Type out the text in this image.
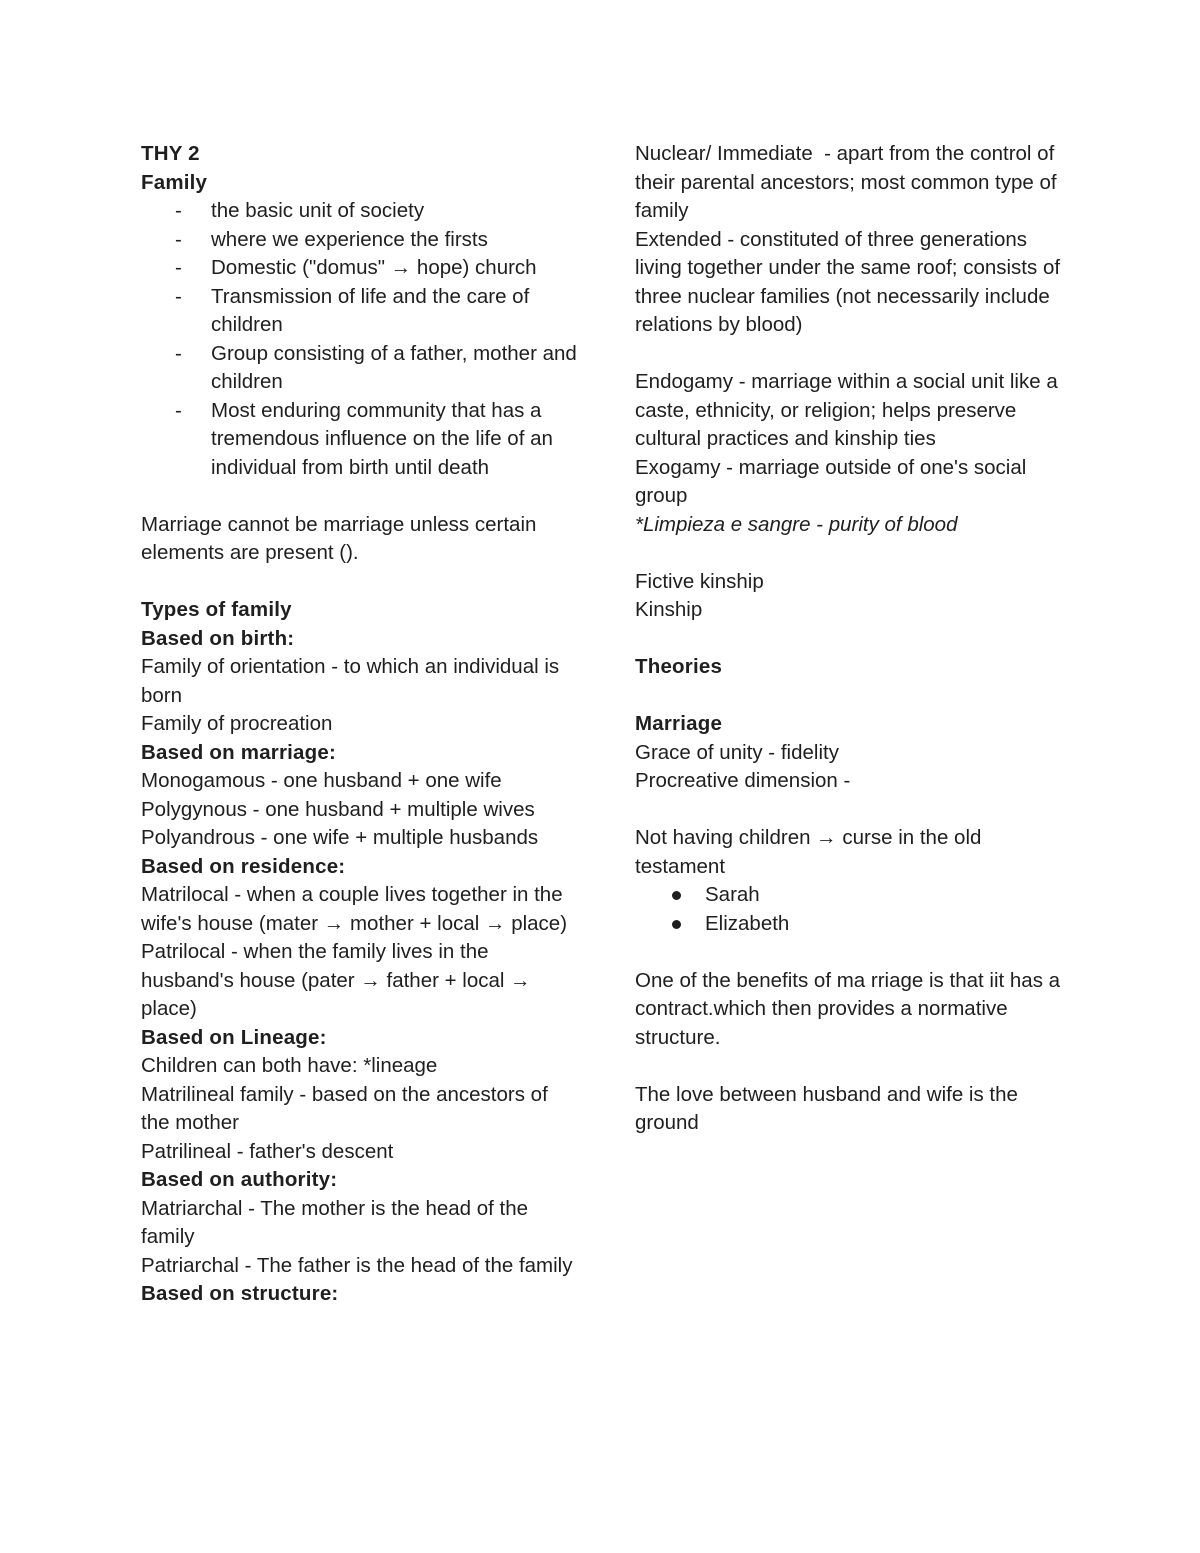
THY 2
Family
- the basic unit of society
- where we experience the firsts
- Domestic ("domus" → hope) church
- Transmission of life and the care of children
- Group consisting of a father, mother and children
- Most enduring community that has a tremendous influence on the life of an individual from birth until death
Marriage cannot be marriage unless certain elements are present ().
Types of family
Based on birth:
Family of orientation - to which an individual is born
Family of procreation
Based on marriage:
Monogamous - one husband + one wife
Polygynous - one husband + multiple wives
Polyandrous - one wife + multiple husbands
Based on residence:
Matrilocal - when a couple lives together in the wife's house (mater → mother + local → place)
Patrilocal - when the family lives in the husband's house (pater → father + local → place)
Based on Lineage:
Children can both have: *lineage
Matrilineal family - based on the ancestors of the mother
Patrilineal - father's descent
Based on authority:
Matriarchal - The mother is the head of the family
Patriarchal - The father is the head of the family
Based on structure:
Nuclear/ Immediate  - apart from the control of their parental ancestors; most common type of family
Extended - constituted of three generations living together under the same roof; consists of three nuclear families (not necessarily include relations by blood)
Endogamy - marriage within a social unit like a caste, ethnicity, or religion; helps preserve cultural practices and kinship ties
Exogamy - marriage outside of one's social group
*Limpieza e sangre - purity of blood
Fictive kinship
Kinship
Theories
Marriage
Grace of unity - fidelity
Procreative dimension -
Not having children → curse in the old testament
Sarah
Elizabeth
One of the benefits of ma rriage is that iit has a contract.which then provides a normative structure.
The love between husband and wife is the ground
